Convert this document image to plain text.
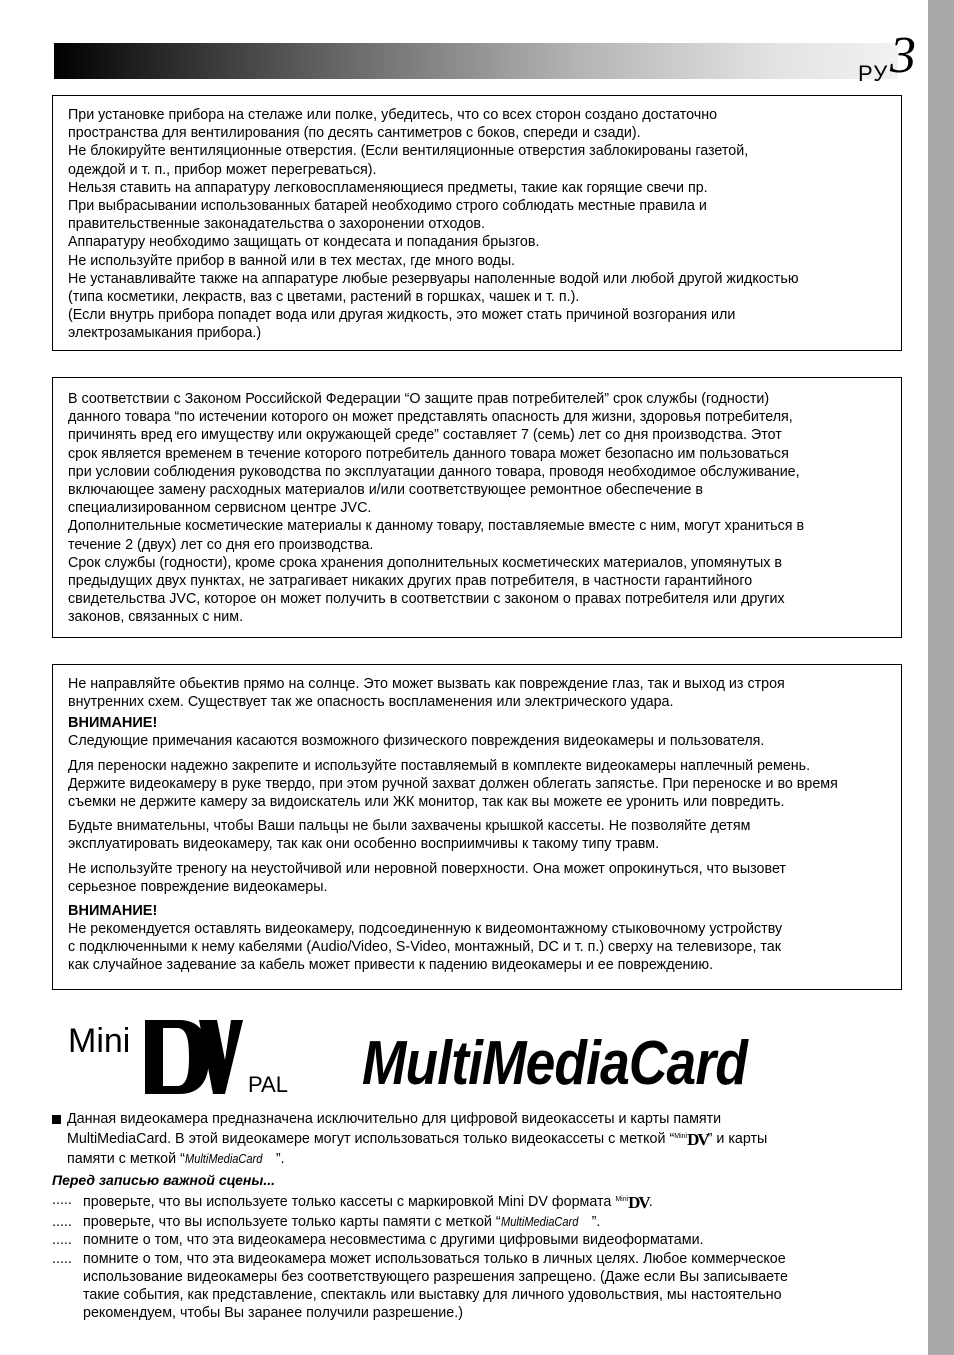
РУ 3

При установке прибора на стелаже или полке, убедитесь, что со всех сторон создано достаточно

пространства для вентилирования (по десять сантиметров с боков, спереди и сзади).

Не блокируйте вентиляционные отверстия. (Если вентиляционные отверстия заблокированы газетой,

одеждой и т. п., прибор может перегреваться).

Нельзя ставить на аппаратуру легковоспламеняющиеся предметы, такие как горящие свечи пр.

При выбрасывании использованных батарей необходимо строго соблюдать местные правила и

правительственные законадательства о захоронении отходов.

Аппаратуру необходимо защищать от кондесата и попадания брызгов.

Не используйте прибор в ванной или в тех местах, где много воды.

Не устанавливайте также на аппаратуре любые резервуары наполенные водой или любой другой жидкостью

(типа косметики, лекраств, ваз с цветами, растений в горшках, чашек и т. п.).

(Если внутрь прибора попадет вода или другая жидкость, это может стать причиной возгорания или

электрозамыкания прибора.)

В соответствии с Законом Российской Федерации “О защите прав потребителей” срок службы (годности)

данного товара “по истечении которого он может представлять опасность для жизни, здоровья потребителя,

причинять вред его имуществу или окружающей среде” составляет 7 (семь) лет со дня производства. Этот

срок является временем в течение которого потребитель данного товара может безопасно им пользоваться

при условии соблюдения руководства по эксплуатации данного товара, проводя необходимое обслуживание,

включающее замену расходных материалов и/или соответствующее ремонтное обеспечение в

специализированном сервисном центре JVC.

Дополнительные косметические материалы к данному товару, поставляемые вместе с ним, могут храниться в

течение 2 (двух) лет со дня его производства.

Срок службы (годности), кроме срока хранения дополнительных косметических материалов, упомянутых в

предыдущих двух пунктах, не затрагивает никаких других прав потребителя, в частности гарантийного

свидетельства JVC, которое он может получить в соответствии с законом о правах потребителя или других

законов, связанных с ним.

Не направляйте обьектив прямо на солнце. Это может вызвать как повреждение глаз, так и выход из строя

внутренних схем. Существует так же опасность воспламенения или электрического удара.

ВНИМАНИЕ!

Следующие примечания касаются возможного физического повреждения видеокамеры и пользователя.

Для переноски надежно закрепите и используйте поставляемый в комплекте видеокамеры наплечный ремень.

Держите видеокамеру в руке твердо, при этом ручной захват должен облегать запястье. При переноске и во время

съемки не держите камеру за видоискатель или ЖК монитор, так как вы можете ее уронить или повредить.

Будьте внимательны, чтобы Ваши пальцы не были захвачены крышкой кассеты. Не позволяйте детям

эксплуатировать видеокамеру, так как они особенно восприимчивы к такому типу травм.

Не используйте треногу на неустойчивой или неровной поверхности. Она может опрокинуться, что вызовет

серьезное повреждение видеокамеры.

ВНИМАНИЕ!

Не рекомендуется оставлять видеокамеру, подсоединенную к видеомонтажному стыковочному устройству

с подключенными к нему кабелями (Audio/Video, S-Video, монтажный, DC и т. п.) сверху на телевизоре, так

как случайное задевание за кабель может привести к падению видеокамеры и ее повреждению.

Mini
PAL MultiMediaCard
Данная видеокамера предназначена исключительно для цифровой видеокассеты и карты памяти
MultiMediaCard. В этой видеокамере могут использоваться только видеокассеты с меткой “$^{Mini}$DV” и карты
памяти с меткой “MultiMediaCard ”.
Перед записью важной сцены...
..... проверьте, что вы используете только кассеты с маркировкой Mini DV формата $^{Mini}$DV.
..... проверьте, что вы используете только карты памяти с меткой “MultiMediaCard ”.
..... помните о том, что эта видеокамера несовместима с другими цифровыми видеоформатами.
..... помните о том, что эта видеокамера может использоваться только в личных целях. Любое коммерческое
использование видеокамеры без соответствующего разрешения запрещено. (Даже если Вы записываете
такие события, как представление, спектакль или выставку для личного удовольствия, мы настоятельно
рекомендуем, чтобы Вы заранее получили разрешение.)
